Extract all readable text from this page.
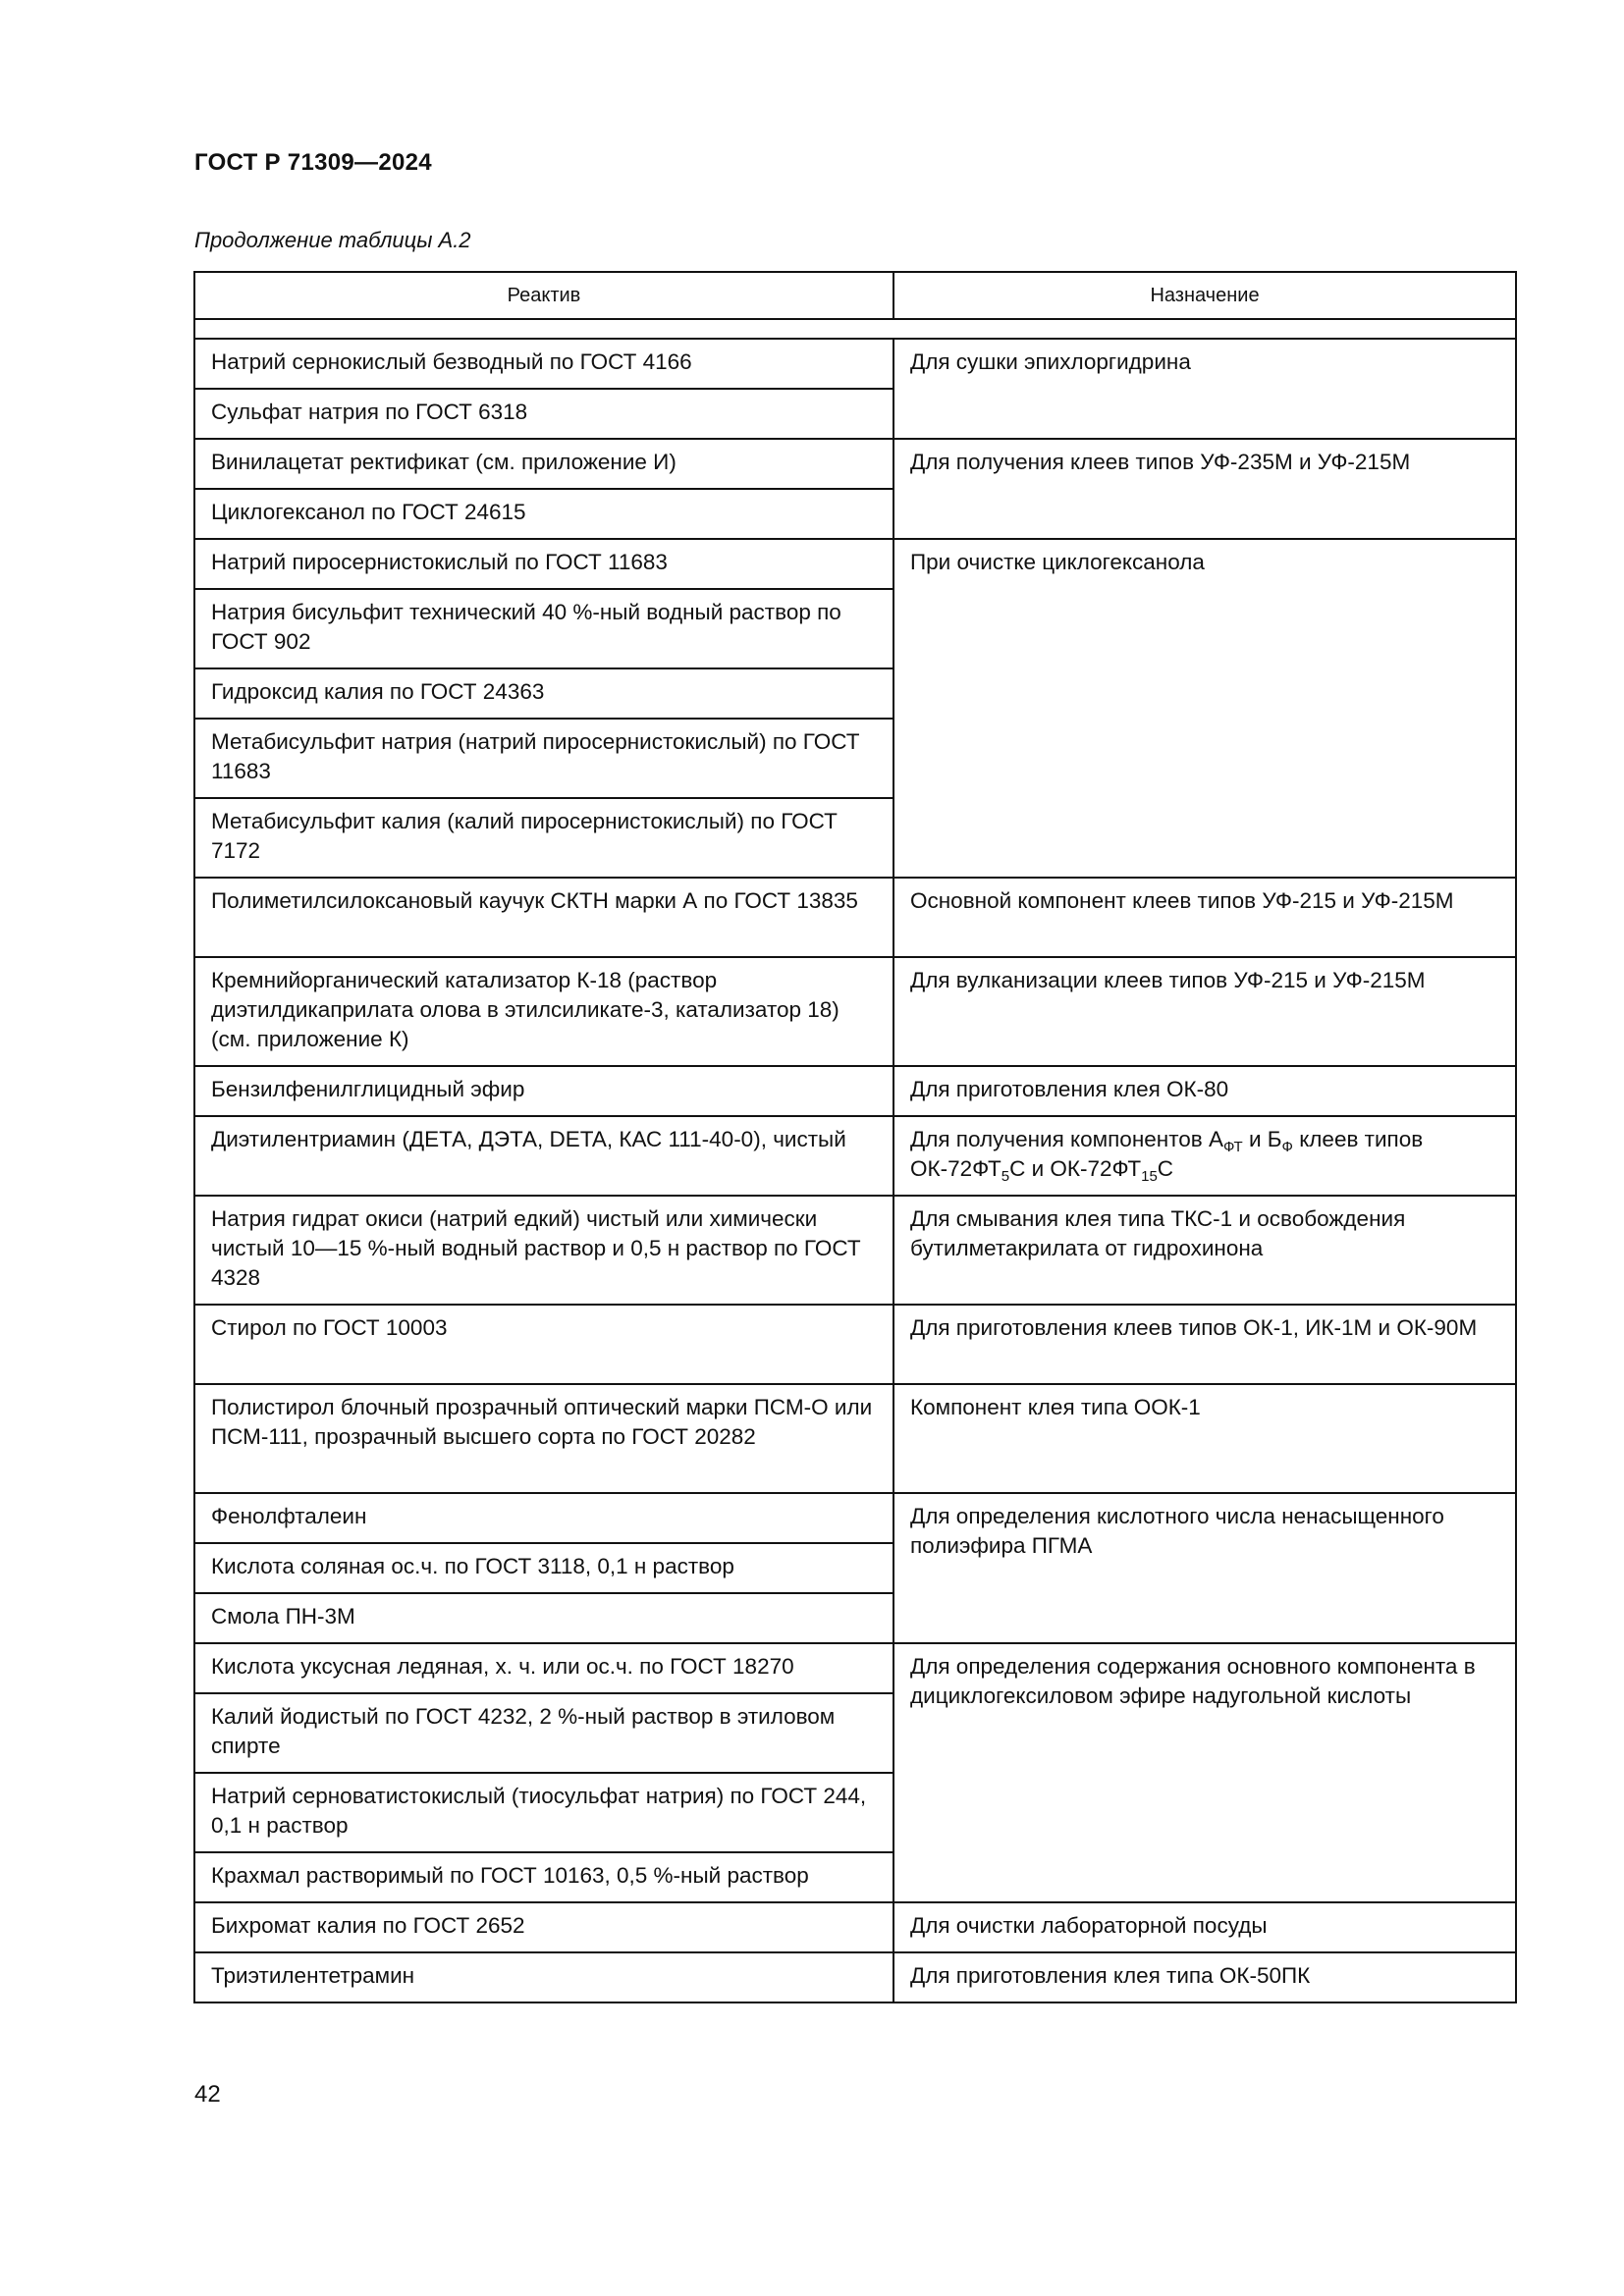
ГОСТ Р 71309—2024
Продолжение таблицы А.2
Реактив	Назначение

Натрий сернокислый безводный по ГОСТ 4166	Для сушки эпихлоргидрина
Сульфат натрия по ГОСТ 6318	
Винилацетат ректификат (см. приложение И)	Для получения клеев типов УФ-235М и УФ-215М
Циклогексанол по ГОСТ 24615	
Натрий пиросернистокислый по ГОСТ 11683	При очистке циклогексанола
Натрия бисульфит технический 40 %-ный водный раствор по ГОСТ 902	
Гидроксид калия по ГОСТ 24363	
Метабисульфит натрия (натрий пиросернистокислый) по ГОСТ 11683	
Метабисульфит калия (калий пиросернистокислый) по ГОСТ 7172	
Полиметилсилоксановый каучук СКТН марки А по ГОСТ 13835	Основной компонент клеев типов УФ-215 и УФ-215М
Кремнийорганический катализатор К-18 (раствор диэтилдикаприлата олова в этилсиликате-3, катализатор 18) (см. приложение К)	Для вулканизации клеев типов УФ-215 и УФ-215М
Бензилфенилглицидный эфир	Для приготовления клея ОК-80
Диэтилентриамин (ДЕТА, ДЭТА, DETA, КАС 111-40-0), чистый	Для получения компонентов $А_{ФТ}$ и $Б_Ф$ клеев типов $ОК-72ФТ_5С$ и $ОК-72ФТ_{15}С$
Натрия гидрат окиси (натрий едкий) чистый или химически чистый 10—15 %-ный водный раствор и 0,5 н раствор по ГОСТ 4328	Для смывания клея типа ТКС-1 и освобождения бутилметакрилата от гидрохинона
Стирол по ГОСТ 10003	Для приготовления клеев типов ОК-1, ИК-1М и ОК-90М
Полистирол блочный прозрачный оптический марки ПСМ-О или ПСМ-111, прозрачный высшего сорта по ГОСТ 20282	Компонент клея типа ООК-1
Фенолфталеин	Для определения кислотного числа ненасыщенного полиэфира ПГМА
Кислота соляная ос.ч. по ГОСТ 3118, 0,1 н раствор	
Смола ПН-3М	
Кислота уксусная ледяная, х. ч. или ос.ч. по ГОСТ 18270	Для определения содержания основного компонента в дициклогексиловом эфире надугольной кислоты
Калий йодистый по ГОСТ 4232, 2 %-ный раствор в этиловом спирте	
Натрий серноватистокислый (тиосульфат натрия) по ГОСТ 244, 0,1 н раствор	
Крахмал растворимый по ГОСТ 10163, 0,5 %-ный раствор	
Бихромат калия по ГОСТ 2652	Для очистки лабораторной посуды
Триэтилентетрамин	Для приготовления клея типа ОК-50ПК
42
